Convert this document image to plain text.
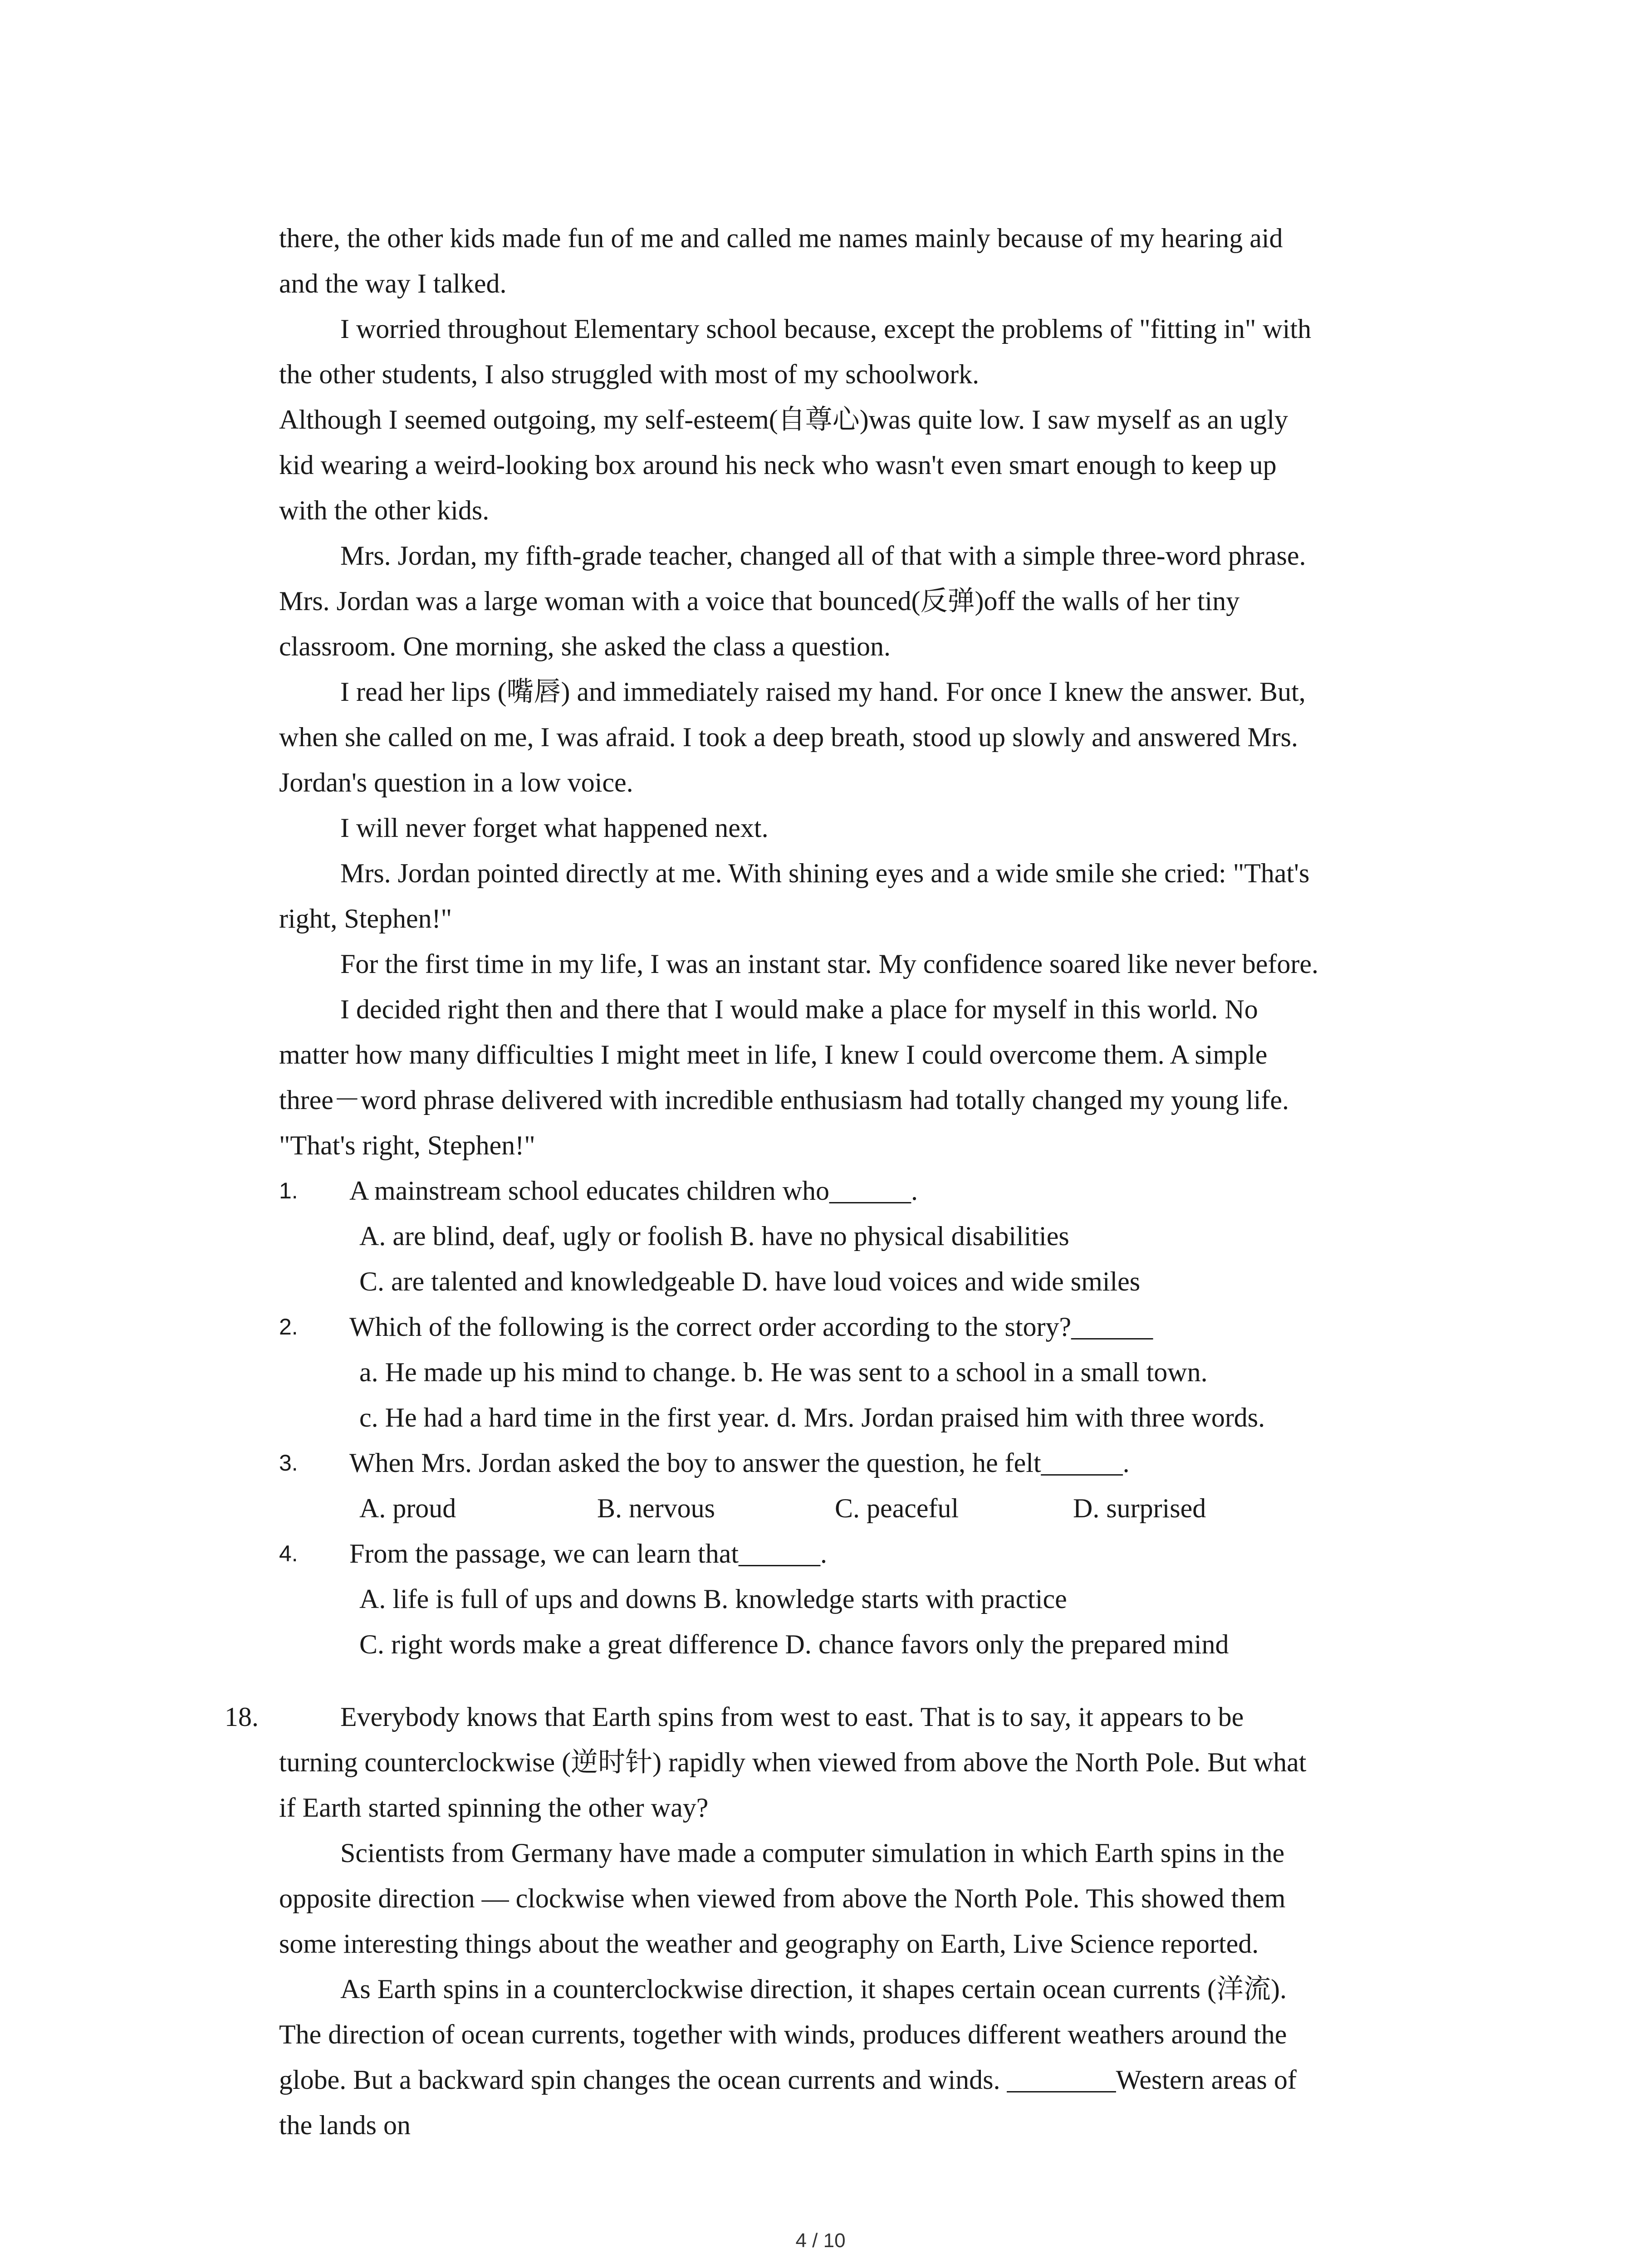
there, the other kids made fun of me and called me names mainly because of my hearing aid
and the way I talked.
I worried throughout Elementary school because, except the problems of "fitting in" with
the other students, I also struggled with most of my schoolwork.
Although I seemed outgoing, my self-esteem(自尊心)was quite low. I saw myself as an ugly
kid wearing a weird-looking box around his neck who wasn't even smart enough to keep up
with the other kids.
Mrs. Jordan, my fifth-grade teacher, changed all of that with a simple three-word phrase.
Mrs. Jordan was a large woman with a voice that bounced(反弹)off the walls of her tiny
classroom. One morning, she asked the class a question.
I read her lips (嘴唇) and immediately raised my hand. For once I knew the answer. But,
when she called on me, I was afraid. I took a deep breath, stood up slowly and answered Mrs.
Jordan's question in a low voice.
I will never forget what happened next.
Mrs. Jordan pointed directly at me. With shining eyes and a wide smile she cried: "That's
right, Stephen!"
For the first time in my life, I was an instant star. My confidence soared like never before.
I decided right then and there that I would make a place for myself in this world. No
matter how many difficulties I might meet in life, I knew I could overcome them. A simple
three－word phrase delivered with incredible enthusiasm had totally changed my young life.
"That's right, Stephen!"
1. A mainstream school educates children who______.
A. are blind, deaf, ugly or foolish B. have no physical disabilities
C. are talented and knowledgeable D. have loud voices and wide smiles
2. Which of the following is the correct order according to the story?______
a. He made up his mind to change. b. He was sent to a school in a small town.
c. He had a hard time in the first year. d. Mrs. Jordan praised him with three words.
3. When Mrs. Jordan asked the boy to answer the question, he felt______.
A. proud	B. nervous	C. peaceful	D. surprised
4. From the passage, we can learn that______.
A. life is full of ups and downs B. knowledge starts with practice
C. right words make a great difference D. chance favors only the prepared mind
18.	Everybody knows that Earth spins from west to east. That is to say, it appears to be
turning counterclockwise (逆时针) rapidly when viewed from above the North Pole. But what
if Earth started spinning the other way?
Scientists from Germany have made a computer simulation in which Earth spins in the
opposite direction — clockwise when viewed from above the North Pole. This showed them
some interesting things about the weather and geography on Earth, Live Science reported.
As Earth spins in a counterclockwise direction, it shapes certain ocean currents (洋流).
The direction of ocean currents, together with winds, produces different weathers around the
globe. But a backward spin changes the ocean currents and winds. ________Western areas of
the lands on
4 / 10
